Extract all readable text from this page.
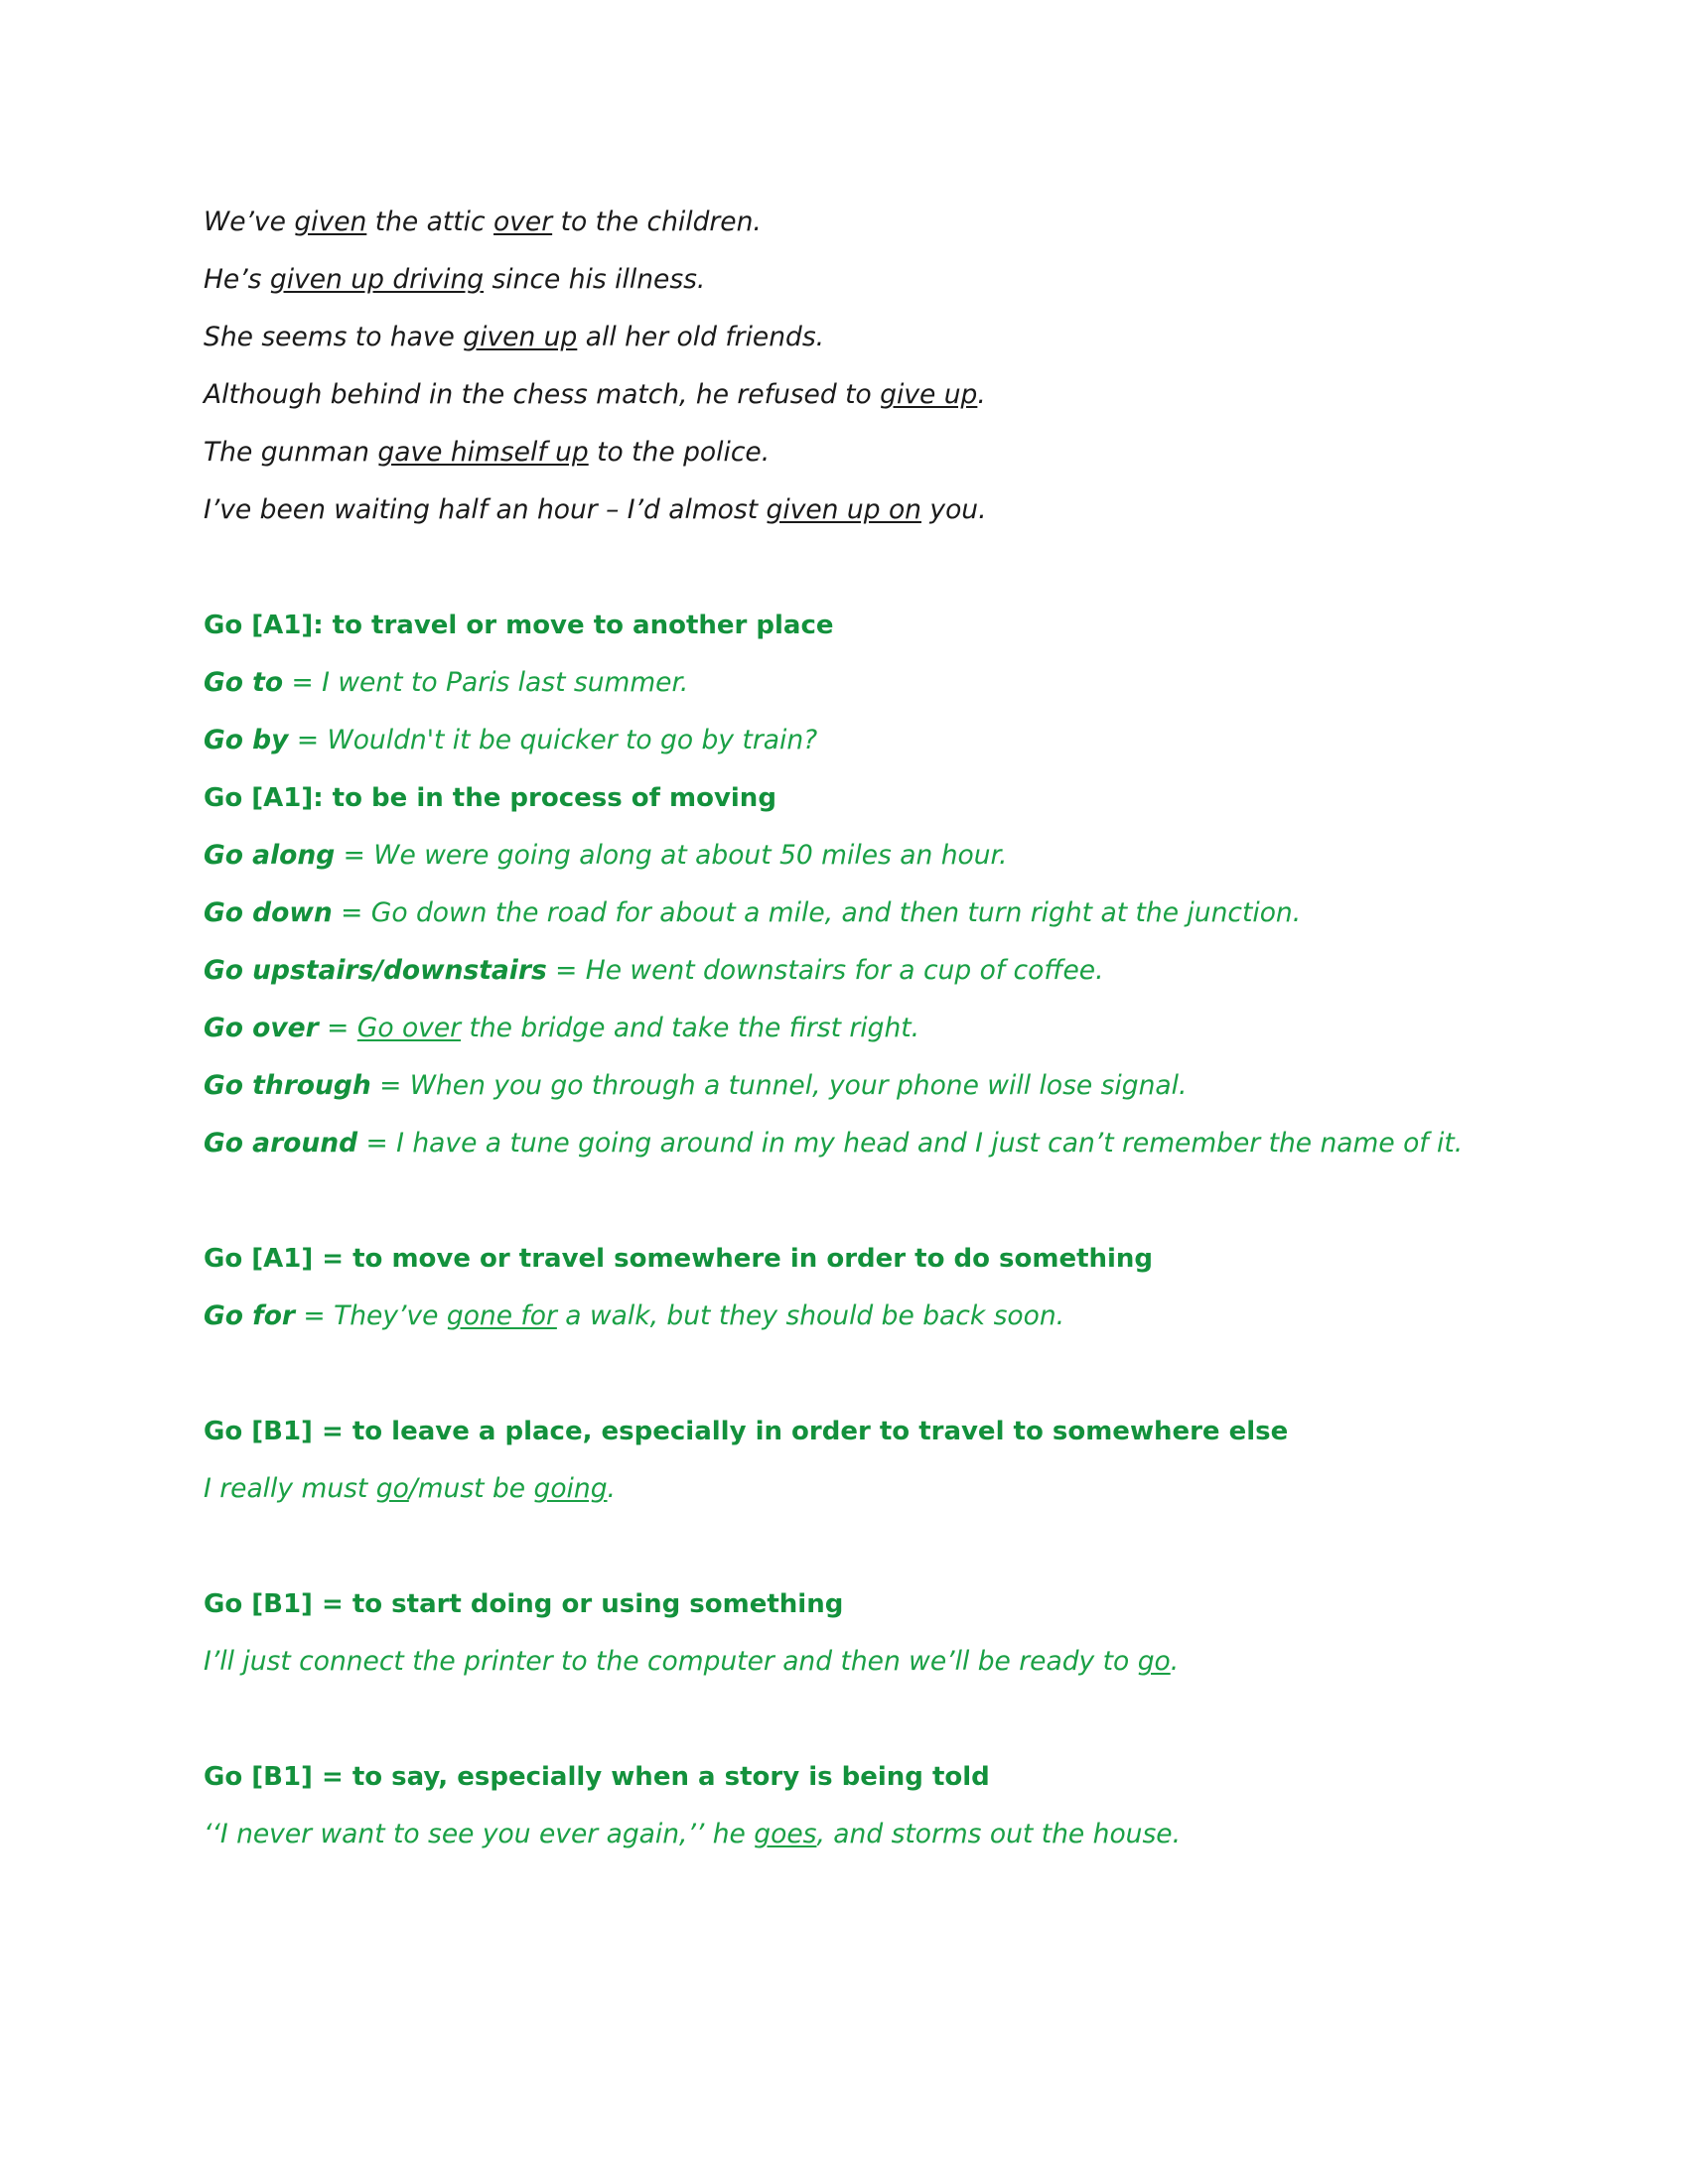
We’ve given the attic over to the children.
He’s given up driving since his illness.
She seems to have given up all her old friends.
Although behind in the chess match, he refused to give up.
The gunman gave himself up to the police.
I’ve been waiting half an hour – I’d almost given up on you.
Go [A1]: to travel or move to another place
Go to = I went to Paris last summer.
Go by = Wouldn't it be quicker to go by train?
Go [A1]: to be in the process of moving
Go along = We were going along at about 50 miles an hour.
Go down = Go down the road for about a mile, and then turn right at the junction.
Go upstairs/downstairs = He went downstairs for a cup of coffee.
Go over = Go over the bridge and take the first right.
Go through = When you go through a tunnel, your phone will lose signal.
Go around = I have a tune going around in my head and I just can’t remember the name of it.
Go [A1] = to move or travel somewhere in order to do something
Go for = They’ve gone for a walk, but they should be back soon.
Go [B1] = to leave a place, especially in order to travel to somewhere else
I really must go/must be going.
Go [B1] = to start doing or using something
I’ll just connect the printer to the computer and then we’ll be ready to go.
Go [B1] = to say, especially when a story is being told
‘‘I never want to see you ever again,’’ he goes, and storms out the house.
